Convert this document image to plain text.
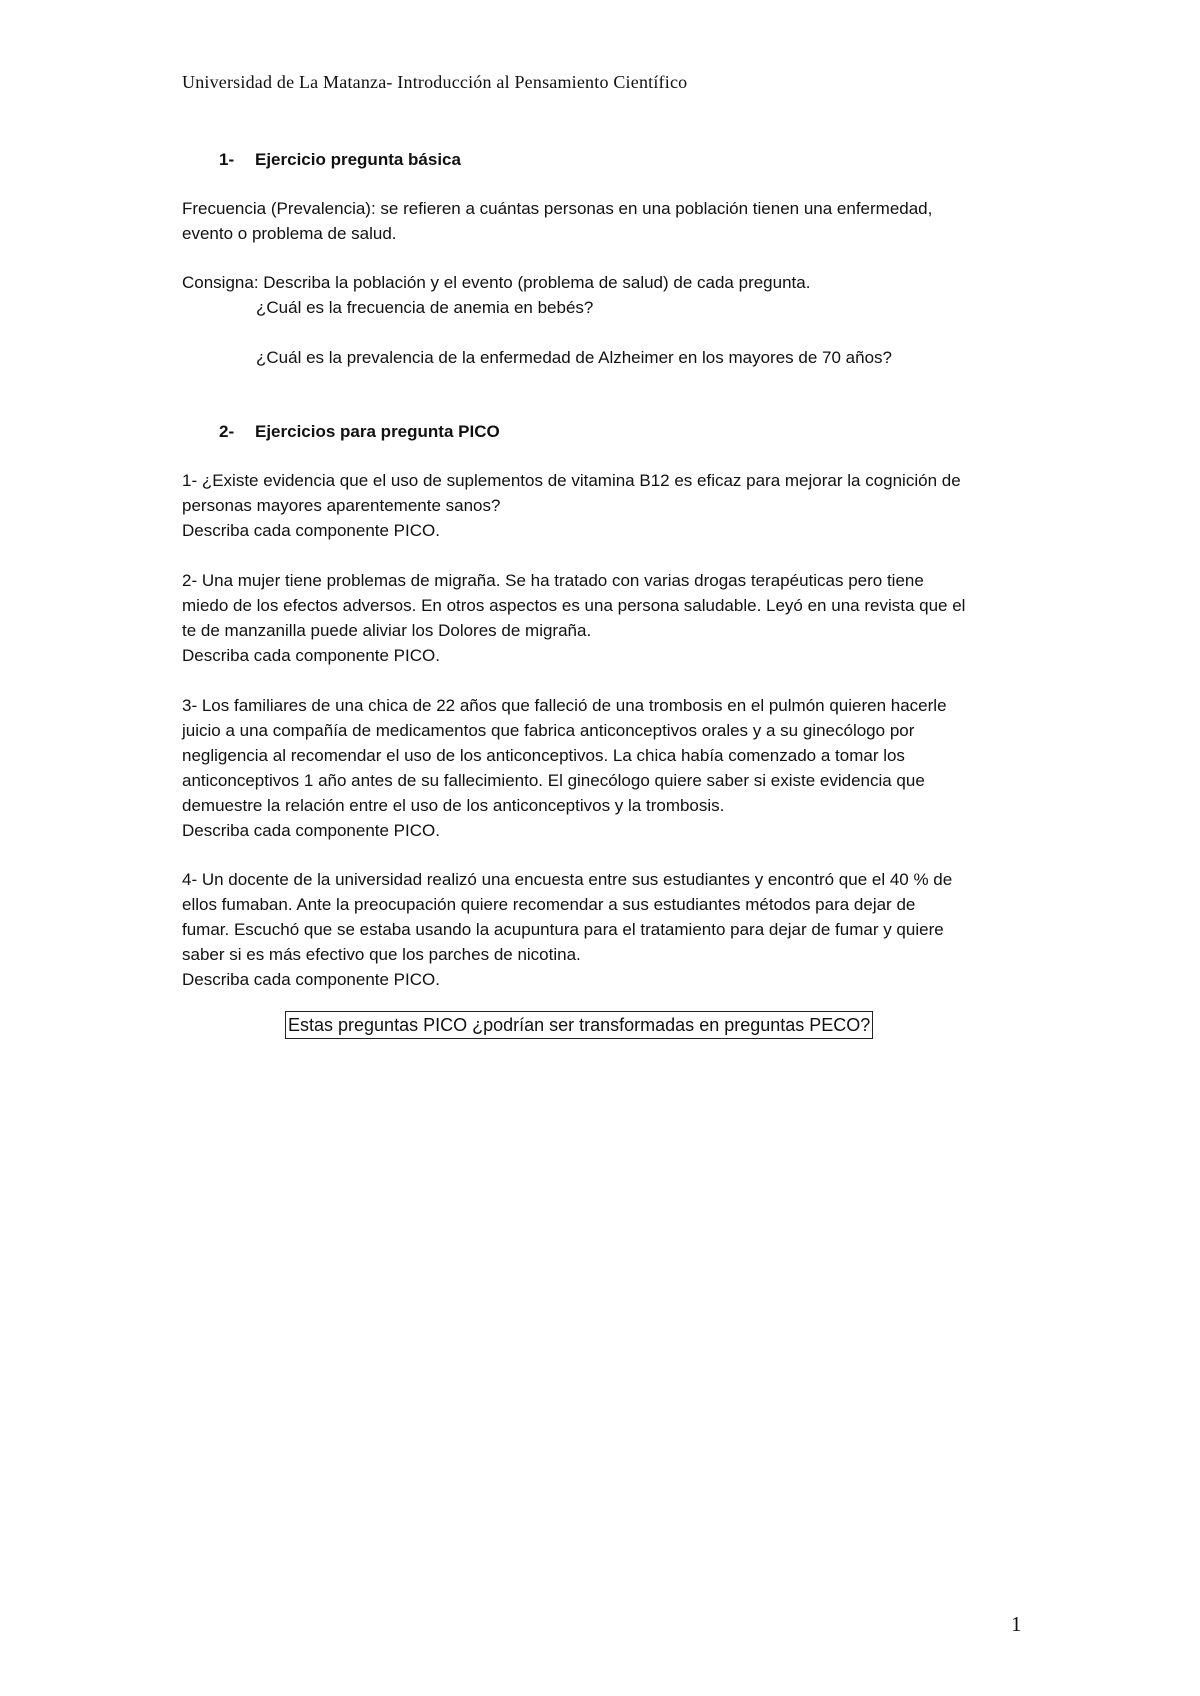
Universidad de La Matanza- Introducción al Pensamiento Científico
1- Ejercicio pregunta básica
Frecuencia (Prevalencia): se refieren a cuántas personas en una población tienen una enfermedad,
evento o problema de salud.
Consigna: Describa la población y el evento (problema de salud) de cada pregunta.
¿Cuál es la frecuencia de anemia en bebés?

¿Cuál es la prevalencia de la enfermedad de Alzheimer en los mayores de 70 años?
2- Ejercicios para pregunta PICO
1- ¿Existe evidencia que el uso de suplementos de vitamina B12 es eficaz para mejorar la cognición de
personas mayores aparentemente sanos?
Describa cada componente PICO.
2- Una mujer tiene problemas de migraña. Se ha tratado con varias drogas terapéuticas pero tiene
miedo de los efectos adversos. En otros aspectos es una persona saludable. Leyó en una revista que el
te de manzanilla puede aliviar los Dolores de migraña.
Describa cada componente PICO.
3- Los familiares de una chica de 22 años que falleció de una trombosis en el pulmón quieren hacerle
juicio a una compañía de medicamentos que fabrica anticonceptivos orales y a su ginecólogo por
negligencia al recomendar el uso de los anticonceptivos. La chica había comenzado a tomar los
anticonceptivos 1 año antes de su fallecimiento. El ginecólogo quiere saber si existe evidencia que
demuestre la relación entre el uso de los anticonceptivos y la trombosis.
Describa cada componente PICO.
4- Un docente de la universidad realizó una encuesta entre sus estudiantes y encontró que el 40 % de
ellos fumaban. Ante la preocupación quiere recomendar a sus estudiantes métodos para dejar de
fumar. Escuchó que se estaba usando la acupuntura para el tratamiento para dejar de fumar y quiere
saber si es más efectivo que los parches de nicotina.
Describa cada componente PICO.
Estas preguntas PICO ¿podrían ser transformadas en preguntas PECO?
1
